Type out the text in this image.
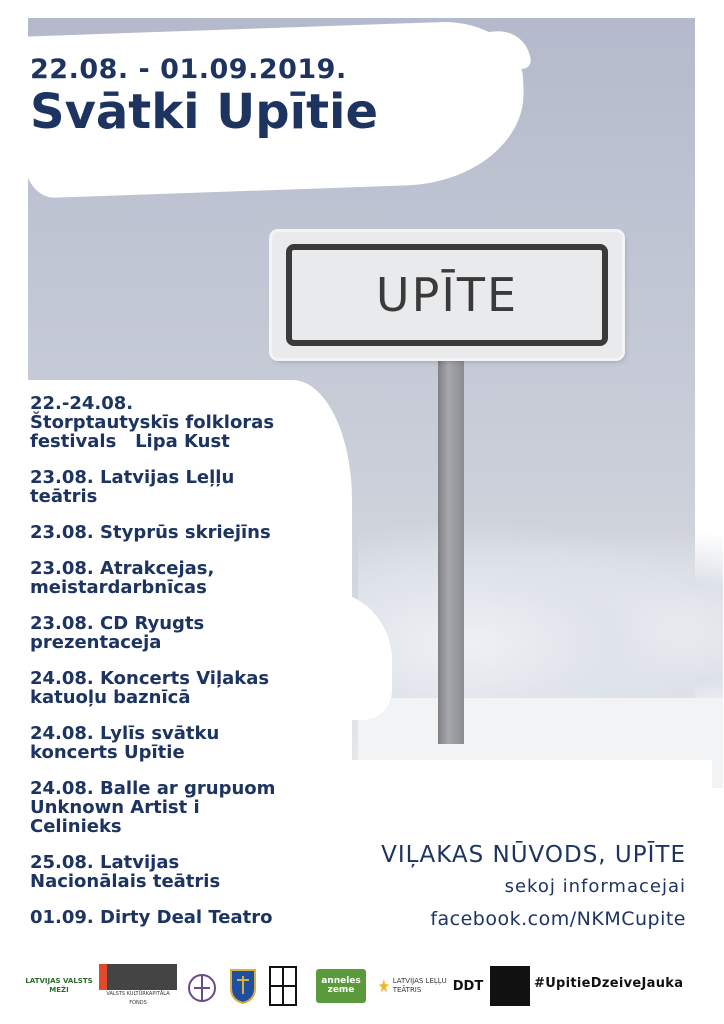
UPĪTE
22.08. - 01.09.2019.
Svātki Upītie
22.-24.08.
Štorptautyskīs folkloras
festivals   Lipa Kust
23.08. Latvijas Leļļu
teātris
23.08. Styprūs skriejīns
23.08. Atrakcejas,
meistardarbnīcas
23.08. CD Ryugts
prezentaceja
24.08. Koncerts Viļakas
katuoļu baznīcā
24.08. Lylīs svātku
koncerts Upītie
24.08. Balle ar grupuom
Unknown Artist i
Celinieks
25.08. Latvijas
Nacionālais teātris
01.09. Dirty Deal Teatro
VIĻAKAS NŪVODS, UPĪTE
sekoj informacejai
facebook.com/NKMCupite
LATVIJAS VALSTS MEŽI	VALSTS KULTŪRKAPITĀLA FONDS
anneles zeme
LATVIJAS LEĻĻU TEĀTRIS	DDT	#UpitieDzeiveJauka
